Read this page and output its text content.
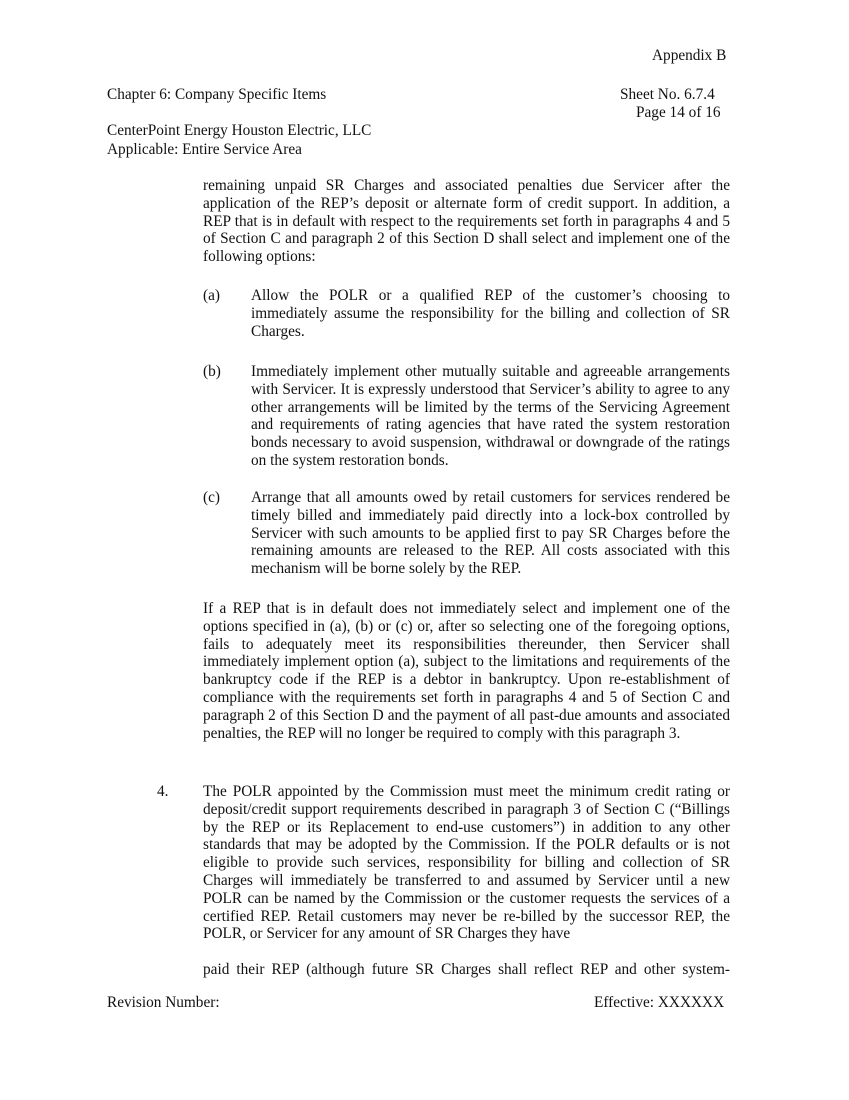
Appendix B
Chapter 6: Company Specific Items	Sheet No. 6.7.4
Page 14 of 16
CenterPoint Energy Houston Electric, LLC
Applicable: Entire Service Area
remaining unpaid SR Charges and associated penalties due Servicer after the application of the REP’s deposit or alternate form of credit support. In addition, a REP that is in default with respect to the requirements set forth in paragraphs 4 and 5 of Section C and paragraph 2 of this Section D shall select and implement one of the following options:
(a) Allow the POLR or a qualified REP of the customer’s choosing to immediately assume the responsibility for the billing and collection of SR Charges.
(b) Immediately implement other mutually suitable and agreeable arrangements with Servicer. It is expressly understood that Servicer’s ability to agree to any other arrangements will be limited by the terms of the Servicing Agreement and requirements of rating agencies that have rated the system restoration bonds necessary to avoid suspension, withdrawal or downgrade of the ratings on the system restoration bonds.
(c) Arrange that all amounts owed by retail customers for services rendered be timely billed and immediately paid directly into a lock-box controlled by Servicer with such amounts to be applied first to pay SR Charges before the remaining amounts are released to the REP. All costs associated with this mechanism will be borne solely by the REP.
If a REP that is in default does not immediately select and implement one of the options specified in (a), (b) or (c) or, after so selecting one of the foregoing options, fails to adequately meet its responsibilities thereunder, then Servicer shall immediately implement option (a), subject to the limitations and requirements of the bankruptcy code if the REP is a debtor in bankruptcy. Upon re-establishment of compliance with the requirements set forth in paragraphs 4 and 5 of Section C and paragraph 2 of this Section D and the payment of all past-due amounts and associated penalties, the REP will no longer be required to comply with this paragraph 3.
4. The POLR appointed by the Commission must meet the minimum credit rating or deposit/credit support requirements described in paragraph 3 of Section C (“Billings by the REP or its Replacement to end-use customers”) in addition to any other standards that may be adopted by the Commission. If the POLR defaults or is not eligible to provide such services, responsibility for billing and collection of SR Charges will immediately be transferred to and assumed by Servicer until a new POLR can be named by the Commission or the customer requests the services of a certified REP. Retail customers may never be re-billed by the successor REP, the POLR, or Servicer for any amount of SR Charges they have
paid their REP (although future SR Charges shall reflect REP and other system-
Revision Number:	Effective: XXXXXX
